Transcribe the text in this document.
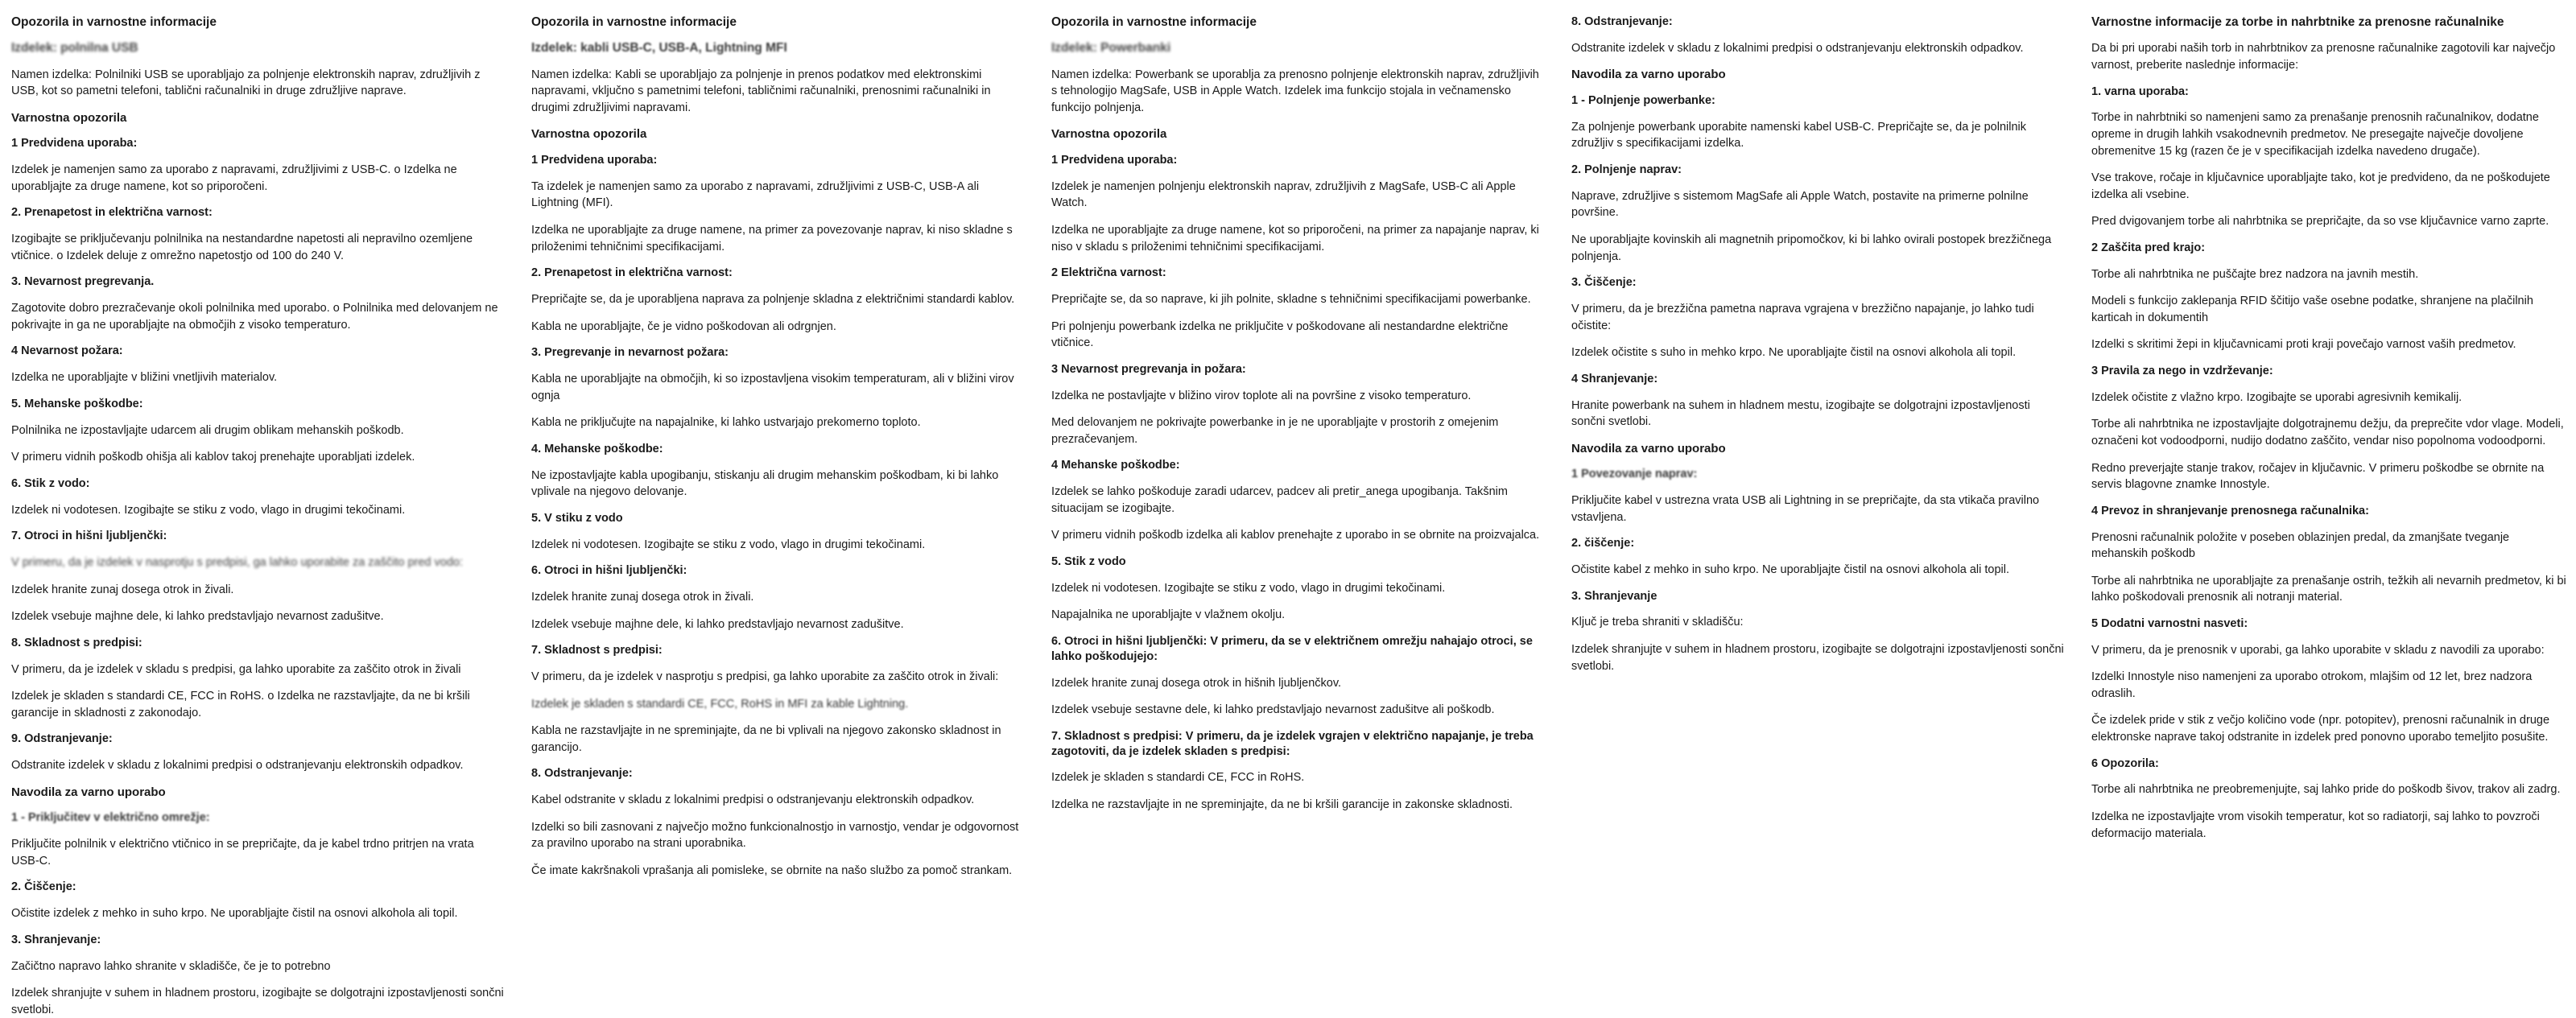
Opozorila in varnostne informacije
Izdelek: polnilna USB
Namen izdelka: Polnilniki USB se uporabljajo za polnjenje elektronskih naprav, združljivih z USB, kot so pametni telefoni, tablični računalniki in druge združljive naprave.
Varnostna opozorila
1 Predvidena uporaba:
Izdelek je namenjen samo za uporabo z napravami, združljivimi z USB-C. o Izdelka ne uporabljajte za druge namene, kot so priporočeni.
2. Prenapetost in električna varnost:
Izogibajte se priključevanju polnilnika na nestandardne napetosti ali nepravilno ozemljene vtičnice. o Izdelek deluje z omrežno napetostjo od 100 do 240 V.
3. Nevarnost pregrevanja.
Zagotovite dobro prezračevanje okoli polnilnika med uporabo. o Polnilnika med delovanjem ne pokrivajte in ga ne uporabljajte na območjih z visoko temperaturo.
4 Nevarnost požara:
Izdelka ne uporabljajte v bližini vnetljivih materialov.
5. Mehanske poškodbe:
Polnilnika ne izpostavljajte udarcem ali drugim oblikam mehanskih poškodb.
V primeru vidnih poškodb ohišja ali kablov takoj prenehajte uporabljati izdelek.
6. Stik z vodo:
Izdelek ni vodotesen. Izogibajte se stiku z vodo, vlago in drugimi tekočinami.
7. Otroci in hišni ljubljenčki:
V primeru, da je izdelek v nasprotju s predpisi, ga lahko uporabite za zaščito pred vodo:
Izdelek hranite zunaj dosega otrok in živali.
Izdelek vsebuje majhne dele, ki lahko predstavljajo nevarnost zadušitve.
8. Skladnost s predpisi:
V primeru, da je izdelek v skladu s predpisi, ga lahko uporabite za zaščito otrok in živali
Izdelek je skladen s standardi CE, FCC in RoHS. o Izdelka ne razstavljajte, da ne bi kršili garancije in skladnosti z zakonodajo.
9. Odstranjevanje:
Odstranite izdelek v skladu z lokalnimi predpisi o odstranjevanju elektronskih odpadkov.
Navodila za varno uporabo
1 - Priključitev v električno omrežje:
Priključite polnilnik v električno vtičnico in se prepričajte, da je kabel trdno pritrjen na vrata USB-C.
2. Čiščenje:
Očistite izdelek z mehko in suho krpo. Ne uporabljajte čistil na osnovi alkohola ali topil.
3. Shranjevanje:
Začičtno napravo lahko shranite v skladišče, če je to potrebno
Izdelek shranjujte v suhem in hladnem prostoru, izogibajte se dolgotrajni izpostavljenosti sončni svetlobi.
Opozorila in varnostne informacije
Izdelek: kabli USB-C, USB-A, Lightning MFI
Namen izdelka: Kabli se uporabljajo za polnjenje in prenos podatkov med elektronskimi napravami, vključno s pametnimi telefoni, tabličnimi računalniki, prenosnimi računalniki in drugimi združljivimi napravami.
Varnostna opozorila
1 Predvidena uporaba:
Ta izdelek je namenjen samo za uporabo z napravami, združljivimi z USB-C, USB-A ali Lightning (MFI).
Izdelka ne uporabljajte za druge namene, na primer za povezovanje naprav, ki niso skladne s priloženimi tehničnimi specifikacijami.
2. Prenapetost in električna varnost:
Prepričajte se, da je uporabljena naprava za polnjenje skladna z električnimi standardi kablov.
Kabla ne uporabljajte, če je vidno poškodovan ali odrgnjen.
3. Pregrevanje in nevarnost požara:
Kabla ne uporabljajte na območjih, ki so izpostavljena visokim temperaturam, ali v bližini virov ognja
Kabla ne priključujte na napajalnike, ki lahko ustvarjajo prekomerno toploto.
4. Mehanske poškodbe:
Ne izpostavljajte kabla upogibanju, stiskanju ali drugim mehanskim poškodbam, ki bi lahko vplivale na njegovo delovanje.
5. V stiku z vodo
Izdelek ni vodotesen. Izogibajte se stiku z vodo, vlago in drugimi tekočinami.
6. Otroci in hišni ljubljenčki:
Izdelek hranite zunaj dosega otrok in živali.
Izdelek vsebuje majhne dele, ki lahko predstavljajo nevarnost zadušitve.
7. Skladnost s predpisi:
V primeru, da je izdelek v nasprotju s predpisi, ga lahko uporabite za zaščito otrok in živali:
Izdelek je skladen s standardi CE, FCC, RoHS in MFI za kable Lightning.
Kabla ne razstavljajte in ne spreminjajte, da ne bi vplivali na njegovo zakonsko skladnost in garancijo.
8. Odstranjevanje:
Kabel odstranite v skladu z lokalnimi predpisi o odstranjevanju elektronskih odpadkov.
Izdelki so bili zasnovani z največjo možno funkcionalnostjo in varnostjo, vendar je odgovornost za pravilno uporabo na strani uporabnika.
Če imate kakršnakoli vprašanja ali pomisleke, se obrnite na našo službo za pomoč strankam.
Opozorila in varnostne informacije
Izdelek: Powerbanki
Namen izdelka: Powerbank se uporablja za prenosno polnjenje elektronskih naprav, združljivih s tehnologijo MagSafe, USB in Apple Watch. Izdelek ima funkcijo stojala in večnamensko funkcijo polnjenja.
Varnostna opozorila
1 Predvidena uporaba:
Izdelek je namenjen polnjenju elektronskih naprav, združljivih z MagSafe, USB-C ali Apple Watch.
Izdelka ne uporabljajte za druge namene, kot so priporočeni, na primer za napajanje naprav, ki niso v skladu s priloženimi tehničnimi specifikacijami.
2 Električna varnost:
Prepričajte se, da so naprave, ki jih polnite, skladne s tehničnimi specifikacijami powerbanke.
Pri polnjenju powerbank izdelka ne priključite v poškodovane ali nestandardne električne vtičnice.
3 Nevarnost pregrevanja in požara:
Izdelka ne postavljajte v bližino virov toplote ali na površine z visoko temperaturo.
Med delovanjem ne pokrivajte powerbanke in je ne uporabljajte v prostorih z omejenim prezračevanjem.
4 Mehanske poškodbe:
Izdelek se lahko poškoduje zaradi udarcev, padcev ali pretir_anega upogibanja. Takšnim situacijam se izogibajte.
V primeru vidnih poškodb izdelka ali kablov prenehajte z uporabo in se obrnite na proizvajalca.
5. Stik z vodo
Izdelek ni vodotesen. Izogibajte se stiku z vodo, vlago in drugimi tekočinami.
Napajalnika ne uporabljajte v vlažnem okolju.
6. Otroci in hišni ljubljenčki: V primeru, da se v električnem omrežju nahajajo otroci, se lahko poškodujejo:
Izdelek hranite zunaj dosega otrok in hišnih ljubljenčkov.
Izdelek vsebuje sestavne dele, ki lahko predstavljajo nevarnost zadušitve ali poškodb.
7. Skladnost s predpisi: V primeru, da je izdelek vgrajen v električno napajanje, je treba zagotoviti, da je izdelek skladen s predpisi:
Izdelek je skladen s standardi CE, FCC in RoHS.
Izdelka ne razstavljajte in ne spreminjajte, da ne bi kršili garancije in zakonske skladnosti.
8. Odstranjevanje:
Odstranite izdelek v skladu z lokalnimi predpisi o odstranjevanju elektronskih odpadkov.
Navodila za varno uporabo
1 - Polnjenje powerbanke:
Za polnjenje powerbank uporabite namenski kabel USB-C. Prepričajte se, da je polnilnik združljiv s specifikacijami izdelka.
2. Polnjenje naprav:
Naprave, združljive s sistemom MagSafe ali Apple Watch, postavite na primerne polnilne površine.
Ne uporabljajte kovinskih ali magnetnih pripomočkov, ki bi lahko ovirali postopek brezžičnega polnjenja.
3. Čiščenje:
V primeru, da je brezžična pametna naprava vgrajena v brezžično napajanje, jo lahko tudi očistite:
Izdelek očistite s suho in mehko krpo. Ne uporabljajte čistil na osnovi alkohola ali topil.
4 Shranjevanje:
Hranite powerbank na suhem in hladnem mestu, izogibajte se dolgotrajni izpostavljenosti sončni svetlobi.
Navodila za varno uporabo
1 Povezovanje naprav:
Priključite kabel v ustrezna vrata USB ali Lightning in se prepričajte, da sta vtikača pravilno vstavljena.
2. čiščenje:
Očistite kabel z mehko in suho krpo. Ne uporabljajte čistil na osnovi alkohola ali topil.
3. Shranjevanje
Ključ je treba shraniti v skladišču:
Izdelek shranjujte v suhem in hladnem prostoru, izogibajte se dolgotrajni izpostavljenosti sončni svetlobi.
Varnostne informacije za torbe in nahrbtnike za prenosne računalnike
Da bi pri uporabi naših torb in nahrbtnikov za prenosne računalnike zagotovili kar največjo varnost, preberite naslednje informacije:
1. varna uporaba:
Torbe in nahrbtniki so namenjeni samo za prenašanje prenosnih računalnikov, dodatne opreme in drugih lahkih vsakodnevnih predmetov. Ne presegajte največje dovoljene obremenitve 15 kg (razen če je v specifikacijah izdelka navedeno drugače).
Vse trakove, ročaje in ključavnice uporabljajte tako, kot je predvideno, da ne poškodujete izdelka ali vsebine.
Pred dvigovanjem torbe ali nahrbtnika se prepričajte, da so vse ključavnice varno zaprte.
2 Zaščita pred krajo:
Torbe ali nahrbtnika ne puščajte brez nadzora na javnih mestih.
Modeli s funkcijo zaklepanja RFID ščitijo vaše osebne podatke, shranjene na plačilnih karticah in dokumentih
Izdelki s skritimi žepi in ključavnicami proti kraji povečajo varnost vaših predmetov.
3 Pravila za nego in vzdrževanje:
Izdelek očistite z vlažno krpo. Izogibajte se uporabi agresivnih kemikalij.
Torbe ali nahrbtnika ne izpostavljajte dolgotrajnemu dežju, da preprečite vdor vlage. Modeli, označeni kot vodoodporni, nudijo dodatno zaščito, vendar niso popolnoma vodoodporni.
Redno preverjajte stanje trakov, ročajev in ključavnic. V primeru poškodbe se obrnite na servis blagovne znamke Innostyle.
4 Prevoz in shranjevanje prenosnega računalnika:
Prenosni računalnik položite v poseben oblazinjen predal, da zmanjšate tveganje mehanskih poškodb
Torbe ali nahrbtnika ne uporabljajte za prenašanje ostrih, težkih ali nevarnih predmetov, ki bi lahko poškodovali prenosnik ali notranji material.
5 Dodatni varnostni nasveti:
V primeru, da je prenosnik v uporabi, ga lahko uporabite v skladu z navodili za uporabo:
Izdelki Innostyle niso namenjeni za uporabo otrokom, mlajšim od 12 let, brez nadzora odraslih.
Če izdelek pride v stik z večjo količino vode (npr. potopitev), prenosni računalnik in druge elektronske naprave takoj odstranite in izdelek pred ponovno uporabo temeljito posušite.
6 Opozorila:
Torbe ali nahrbtnika ne preobremenjujte, saj lahko pride do poškodb šivov, trakov ali zadrg.
Izdelka ne izpostavljajte vrom visokih temperatur, kot so radiatorji, saj lahko to povzroči deformacijo materiala.
